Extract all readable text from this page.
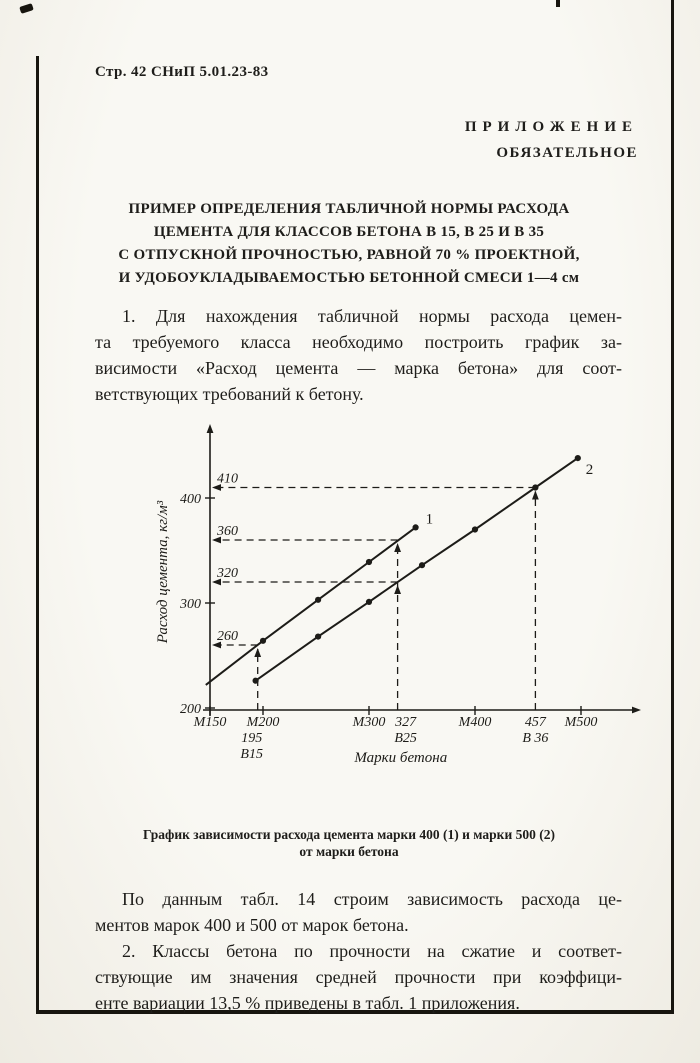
Стр. 42 СНиП 5.01.23-83
ПРИЛОЖЕНИЕ
ОБЯЗАТЕЛЬНОЕ
ПРИМЕР ОПРЕДЕЛЕНИЯ ТАБЛИЧНОЙ НОРМЫ РАСХОДА
ЦЕМЕНТА ДЛЯ КЛАССОВ БЕТОНА В 15, В 25 И В 35
С ОТПУСКНОЙ ПРОЧНОСТЬЮ, РАВНОЙ 70 % ПРОЕКТНОЙ,
И УДОБОУКЛАДЫВАЕМОСТЬЮ БЕТОННОЙ СМЕСИ 1—4 см
1. Для нахождения табличной нормы расхода цемен-
та требуемого класса необходимо построить график за-
висимости «Расход цемента — марка бетона» для соот-
ветствующих требований к бетону.
200
300
400
260
320
360
410
М150 М200	М300 327	М400 457 М500
195
В15
В25	В 36
1
2
Марки бетона
Расход цемента, кг/м³
График зависимости расхода цемента марки 400 (1) и марки 500 (2)
от марки бетона
По данным табл. 14 строим зависимость расхода це-
ментов марок 400 и 500 от марок бетона.
2. Классы бетона по прочности на сжатие и соответ-
ствующие им значения средней прочности при коэффици-
енте вариации 13,5 % приведены в табл. 1 приложения.
